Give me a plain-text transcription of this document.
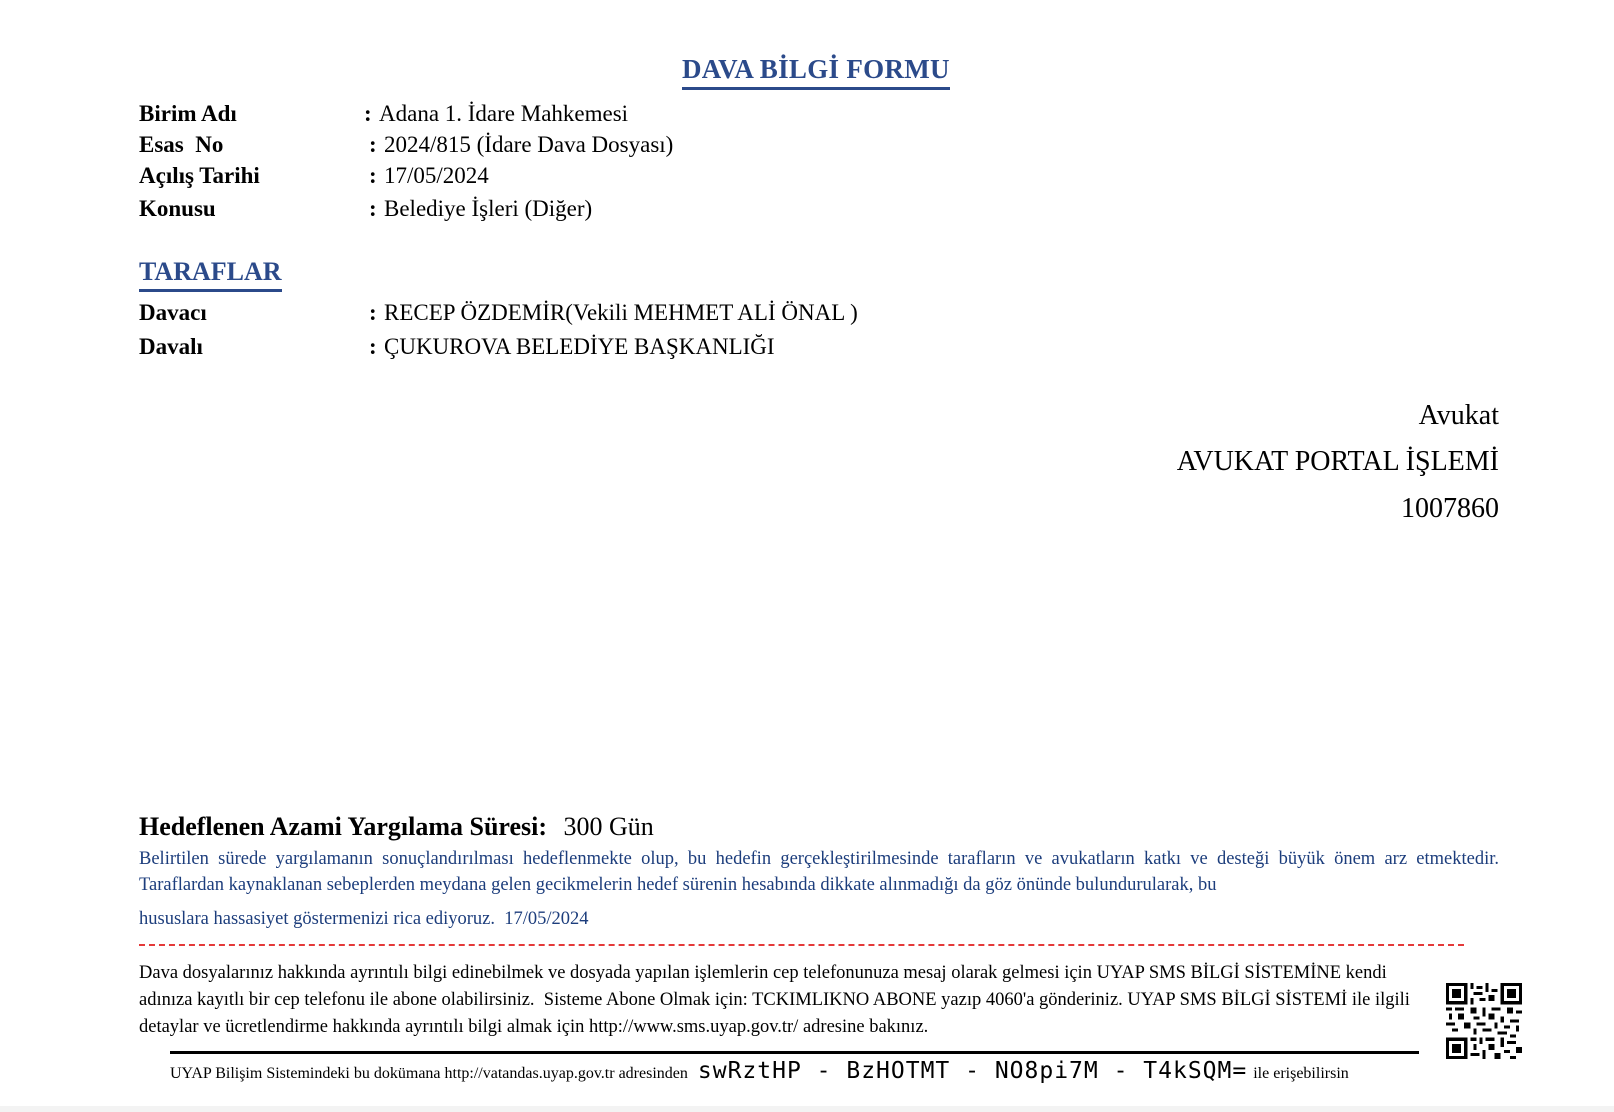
DAVA BİLGİ FORMU
Birim Adı	: Adana 1. İdare Mahkemesi
Esas  No	: 2024/815 (İdare Dava Dosyası)
Açılış Tarihi	: 17/05/2024
Konusu	: Belediye İşleri (Diğer)
TARAFLAR
Davacı	: RECEP ÖZDEMİR(Vekili MEHMET ALİ ÖNAL )
Davalı	: ÇUKUROVA BELEDİYE BAŞKANLIĞI
Avukat
AVUKAT PORTAL İŞLEMİ
1007860
Hedeflenen Azami Yargılama Süresi: 300 Gün
Belirtilen sürede yargılamanın sonuçlandırılması hedeflenmekte olup, bu hedefin gerçekleştirilmesinde tarafların ve avukatların katkı ve desteği büyük önem arz etmektedir. Taraflardan kaynaklanan sebeplerden meydana gelen gecikmelerin hedef sürenin hesabında dikkate alınmadığı da göz önünde bulundurularak, bu
hususlara hassasiyet göstermenizi rica ediyoruz.  17/05/2024
Dava dosyalarınız hakkında ayrıntılı bilgi edinebilmek ve dosyada yapılan işlemlerin cep telefonunuza mesaj olarak gelmesi için UYAP SMS BİLGİ SİSTEMİNE kendi adınıza kayıtlı bir cep telefonu ile abone olabilirsiniz.  Sisteme Abone Olmak için: TCKIMLIKNO ABONE yazıp 4060'a gönderiniz. UYAP SMS BİLGİ SİSTEMİ ile ilgili detaylar ve ücretlendirme hakkında ayrıntılı bilgi almak için http://www.sms.uyap.gov.tr/ adresine bakınız.
UYAP Bilişim Sistemindeki bu dokümana http://vatandas.uyap.gov.tr adresinden swRztHP - BzHOTMT - NO8pi7M - T4kSQM= ile erişebilirsin
